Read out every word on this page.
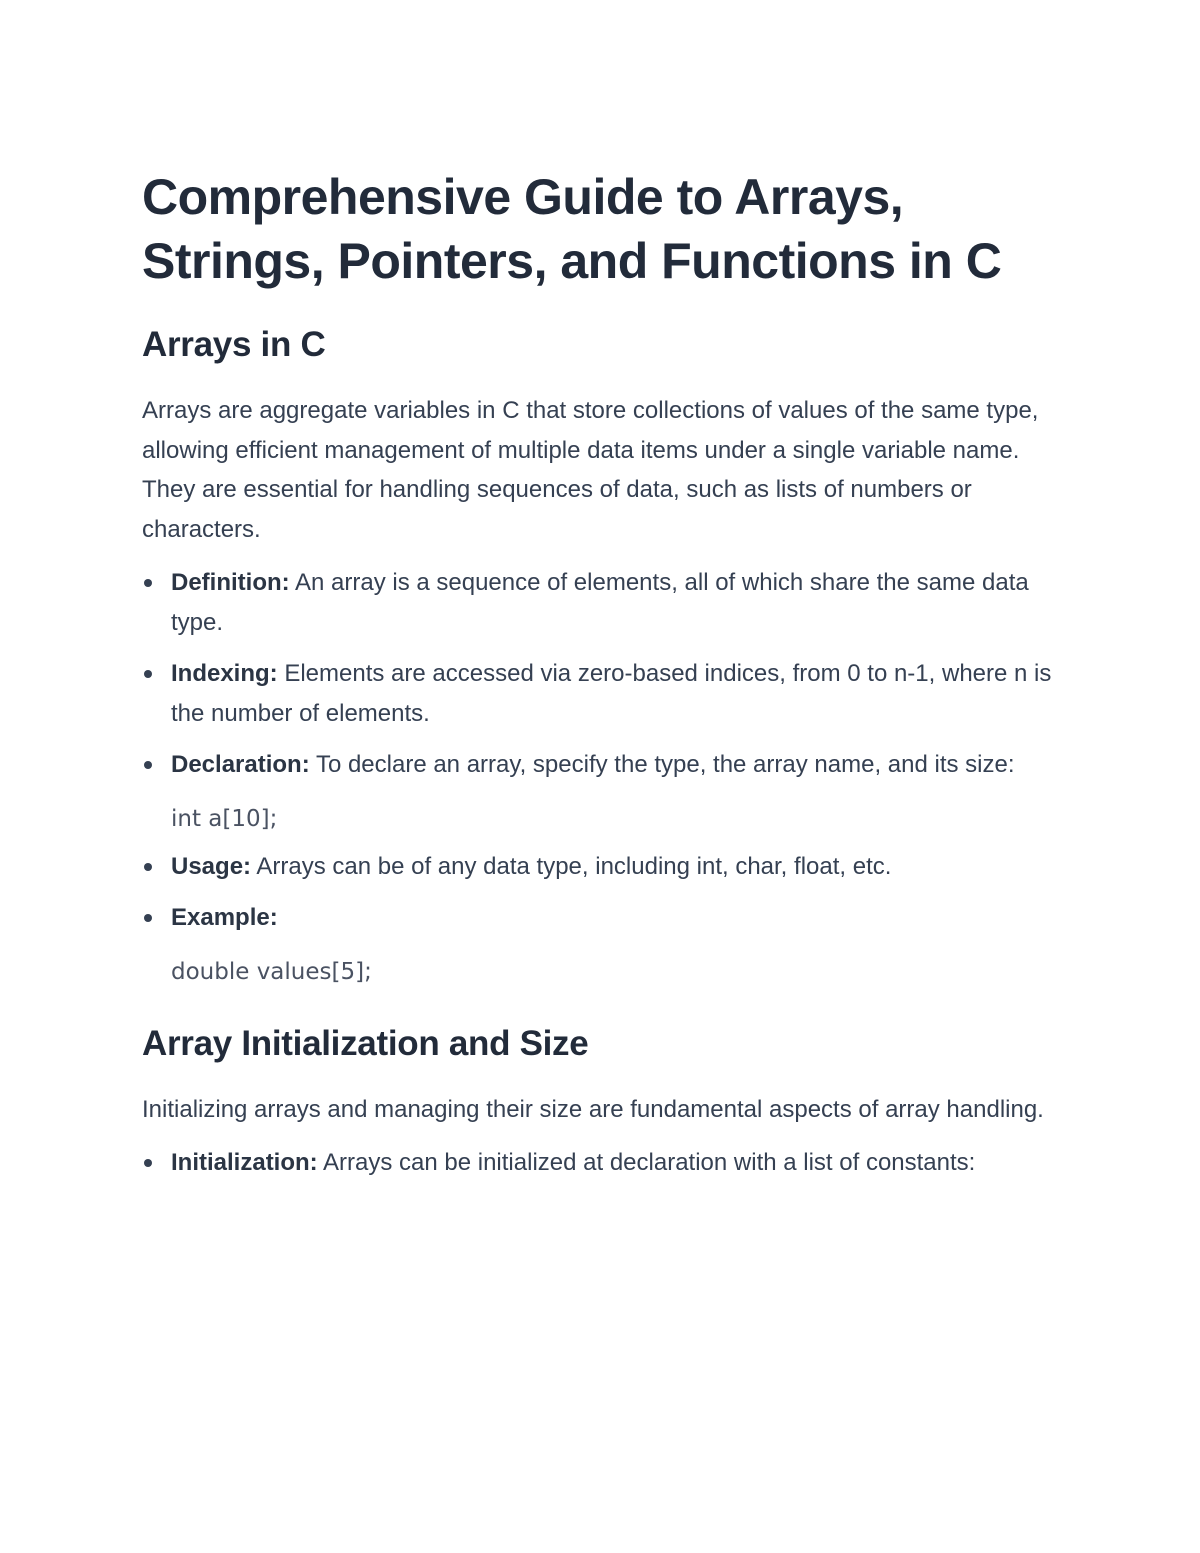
Comprehensive Guide to Arrays, Strings, Pointers, and Functions in C
Arrays in C

Arrays are aggregate variables in C that store collections of values of the same type, allowing efficient management of multiple data items under a single variable name. They are essential for handling sequences of data, such as lists of numbers or characters.

Definition: An array is a sequence of elements, all of which share the same data type.
Indexing: Elements are accessed via zero-based indices, from 0 to n-1, where n is the number of elements.
Declaration: To declare an array, specify the type, the array name, and its size:
int a[10];
Usage: Arrays can be of any data type, including int, char, float, etc.
Example:
double values[5];
Array Initialization and Size

Initializing arrays and managing their size are fundamental aspects of array handling.

Initialization: Arrays can be initialized at declaration with a list of constants:
